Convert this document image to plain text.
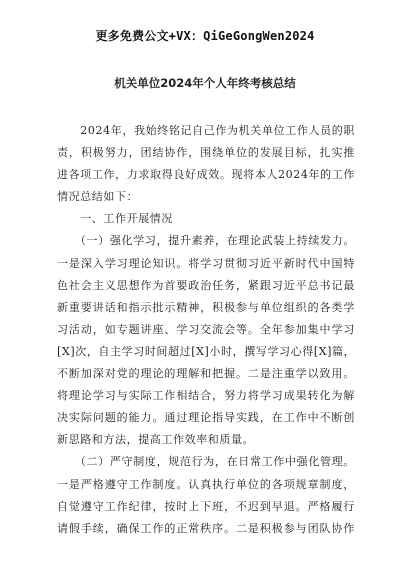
更多免费公文+VX：QiGeGongWen2024
机关单位2024年个人年终考核总结
　　2024年，我始终铭记自己作为机关单位工作人员的职
责，积极努力，团结协作，围绕单位的发展目标，扎实推
进各项工作，力求取得良好成效。现将本人2024年的工作
情况总结如下：
　　一、工作开展情况
　　（一）强化学习，提升素养，在理论武装上持续发力。
一是深入学习理论知识。将学习贯彻习近平新时代中国特
色社会主义思想作为首要政治任务，紧跟习近平总书记最
新重要讲话和指示批示精神，积极参与单位组织的各类学
习活动，如专题讲座、学习交流会等。全年参加集中学习
[X]次，自主学习时间超过[X]小时，撰写学习心得[X]篇，
不断加深对党的理论的理解和把握。二是注重学以致用。
将理论学习与实际工作相结合，努力将学习成果转化为解
决实际问题的能力。通过理论指导实践，在工作中不断创
新思路和方法，提高工作效率和质量。
　　（二）严守制度，规范行为，在日常工作中强化管理。
一是严格遵守工作制度。认真执行单位的各项规章制度，
自觉遵守工作纪律，按时上下班，不迟到早退。严格履行
请假手续，确保工作的正常秩序。二是积极参与团队协作
